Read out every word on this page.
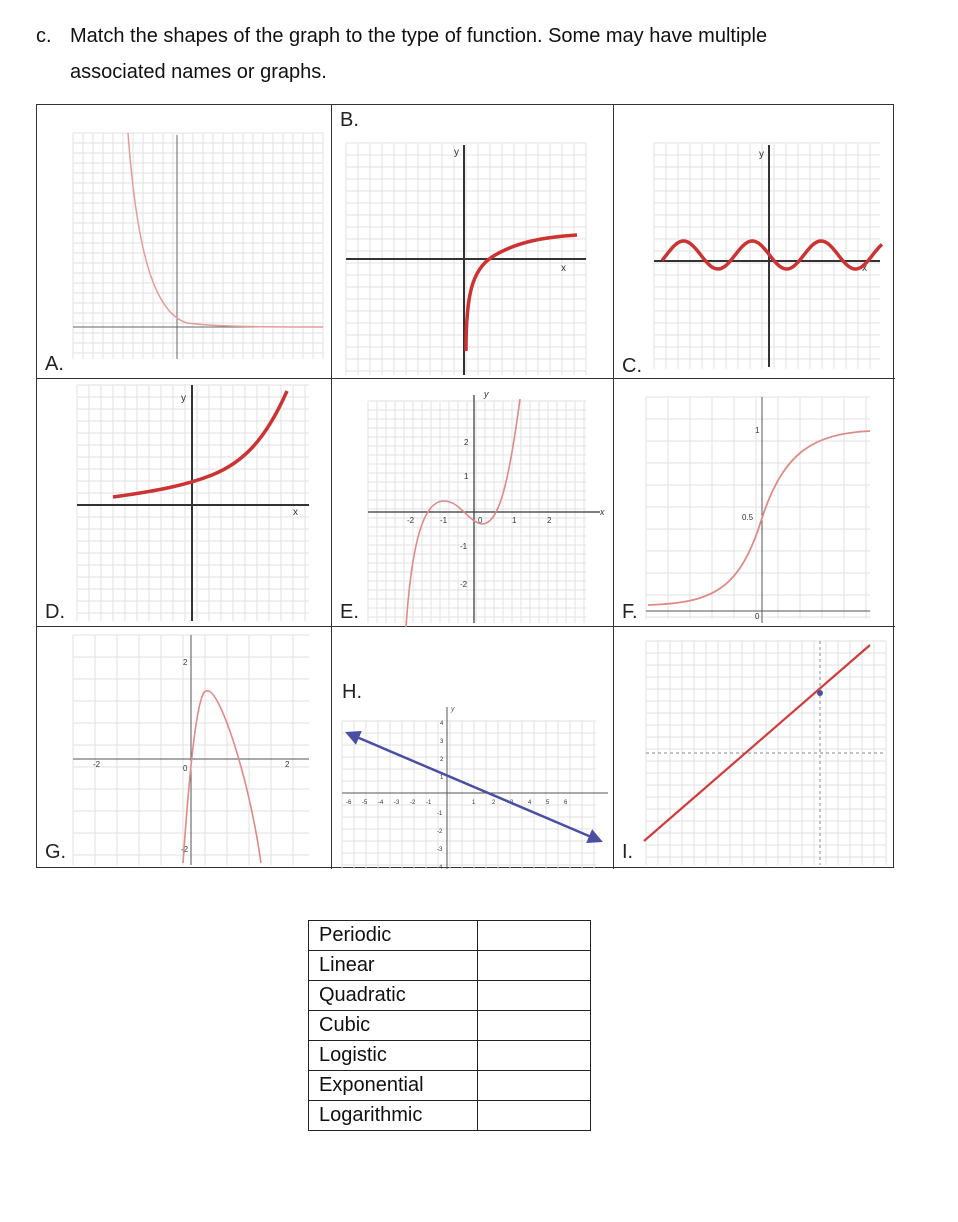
c. Match the shapes of the graph to the type of function. Some may have multiple
associated names or graphs.
A.
y
x
B.
y
x
C.
y
x
D.
-2	-1	0	1	2
2
1
-1
-2
y
x
E.
1
0.5
0
F.
-2	0	2
2
-2
G.
y
-6 -5 -4 -3 -2 -1	1	2	4 5 6
4
3
2
1
-1
-2
-3
-4
H.
I.
Periodic	
Linear	
Quadratic	
Cubic	
Logistic	
Exponential	
Logarithmic	
